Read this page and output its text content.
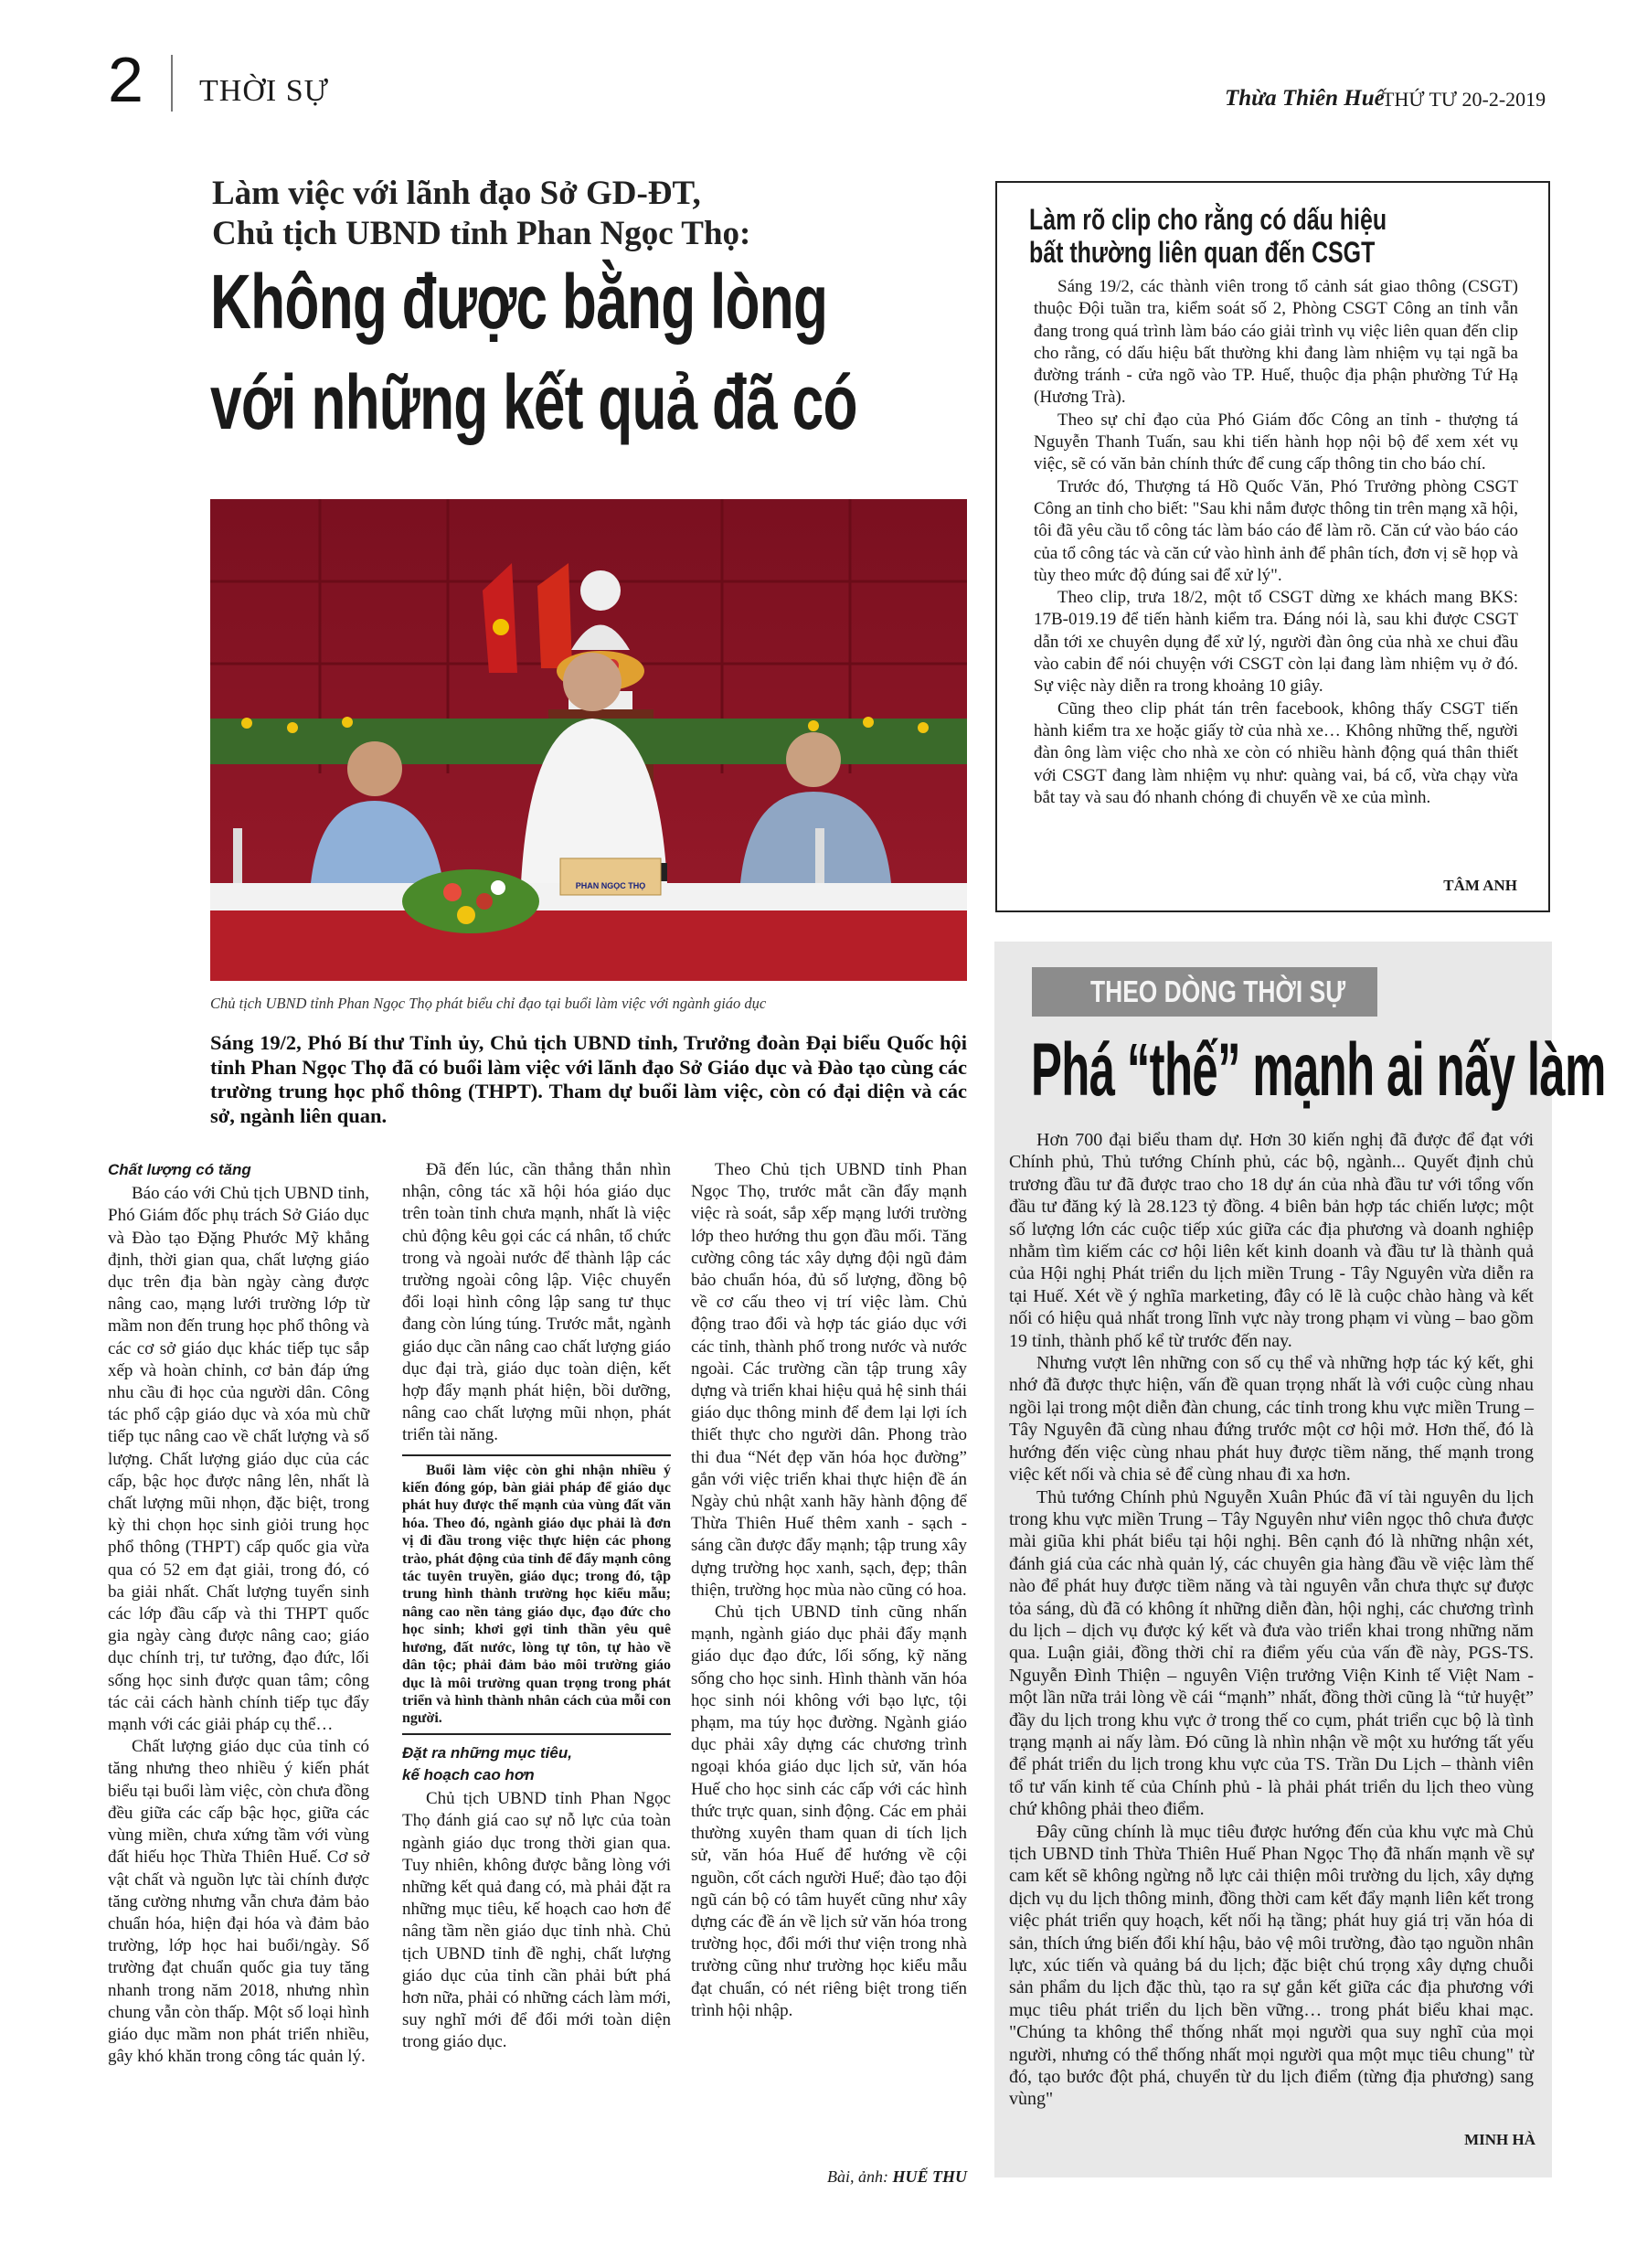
2 THỜI SỰ	Thừa Thiên Huế
THỨ TƯ 20-2-2019
Làm việc với lãnh đạo Sở GD-ĐT,
Chủ tịch UBND tỉnh Phan Ngọc Thọ:
Không được bằng lòng
với những kết quả đã có
PHAN NGỌC THỌ
Chủ tịch UBND tỉnh Phan Ngọc Thọ phát biểu chỉ đạo tại buổi làm việc với ngành giáo dục
Sáng 19/2, Phó Bí thư Tỉnh ủy, Chủ tịch UBND tỉnh, Trưởng đoàn Đại biểu Quốc hội tỉnh Phan Ngọc Thọ đã có buổi làm việc với lãnh đạo Sở Giáo dục và Đào tạo cùng các trường trung học phổ thông (THPT). Tham dự buổi làm việc, còn có đại diện và các sở, ngành liên quan.

Chất lượng có tăng

Báo cáo với Chủ tịch UBND tỉnh, Phó Giám đốc phụ trách Sở Giáo dục và Đào tạo Đặng Phước Mỹ khẳng định, thời gian qua, chất lượng giáo dục trên địa bàn ngày càng được nâng cao, mạng lưới trường lớp từ mầm non đến trung học phổ thông và các cơ sở giáo dục khác tiếp tục sắp xếp và hoàn chỉnh, cơ bản đáp ứng nhu cầu đi học của người dân. Công tác phổ cập giáo dục và xóa mù chữ tiếp tục nâng cao về chất lượng và số lượng. Chất lượng giáo dục của các cấp, bậc học được nâng lên, nhất là chất lượng mũi nhọn, đặc biệt, trong kỳ thi chọn học sinh giỏi trung học phổ thông (THPT) cấp quốc gia vừa qua có 52 em đạt giải, trong đó, có ba giải nhất. Chất lượng tuyển sinh các lớp đầu cấp và thi THPT quốc gia ngày càng được nâng cao; giáo dục chính trị, tư tưởng, đạo đức, lối sống học sinh được quan tâm; công tác cải cách hành chính tiếp tục đẩy mạnh với các giải pháp cụ thể…

Chất lượng giáo dục của tỉnh có tăng nhưng theo nhiều ý kiến phát biểu tại buổi làm việc, còn chưa đồng đều giữa các cấp bậc học, giữa các vùng miền, chưa xứng tầm với vùng đất hiếu học Thừa Thiên Huế. Cơ sở vật chất và nguồn lực tài chính được tăng cường nhưng vẫn chưa đảm bảo chuẩn hóa, hiện đại hóa và đảm bảo trường, lớp học hai buổi/ngày. Số trường đạt chuẩn quốc gia tuy tăng nhanh trong năm 2018, nhưng nhìn chung vẫn còn thấp. Một số loại hình giáo dục mầm non phát triển nhiều, gây khó khăn trong công tác quản lý.

Đã đến lúc, cần thẳng thắn nhìn nhận, công tác xã hội hóa giáo dục trên toàn tỉnh chưa mạnh, nhất là việc chủ động kêu gọi các cá nhân, tổ chức trong và ngoài nước để thành lập các trường ngoài công lập. Việc chuyển đổi loại hình công lập sang tư thục đang còn lúng túng. Trước mắt, ngành giáo dục cần nâng cao chất lượng giáo dục đại trà, giáo dục toàn diện, kết hợp đẩy mạnh phát hiện, bồi dưỡng, nâng cao chất lượng mũi nhọn, phát triển tài năng.

Buổi làm việc còn ghi nhận nhiều ý kiến đóng góp, bàn giải pháp để giáo dục phát huy được thế mạnh của vùng đất văn hóa. Theo đó, ngành giáo dục phải là đơn vị đi đầu trong việc thực hiện các phong trào, phát động của tỉnh để đẩy mạnh công tác tuyên truyền, giáo dục; trong đó, tập trung hình thành trường học kiểu mẫu; nâng cao nền tảng giáo dục, đạo đức cho học sinh; khơi gợi tinh thần yêu quê hương, đất nước, lòng tự tôn, tự hào về dân tộc; phải đảm bảo môi trường giáo dục là môi trường quan trọng trong phát triển và hình thành nhân cách của mỗi con người.

Đặt ra những mục tiêu,

kế hoạch cao hơn

Chủ tịch UBND tỉnh Phan Ngọc Thọ đánh giá cao sự nỗ lực của toàn ngành giáo dục trong thời gian qua. Tuy nhiên, không được bằng lòng với những kết quả đang có, mà phải đặt ra những mục tiêu, kế hoạch cao hơn để nâng tầm nền giáo dục tỉnh nhà. Chủ tịch UBND tỉnh đề nghị, chất lượng giáo dục của tỉnh cần phải bứt phá hơn nữa, phải có những cách làm mới, suy nghĩ mới để đổi mới toàn diện trong giáo dục.

Theo Chủ tịch UBND tỉnh Phan Ngọc Thọ, trước mắt cần đẩy mạnh việc rà soát, sắp xếp mạng lưới trường lớp theo hướng thu gọn đầu mối. Tăng cường công tác xây dựng đội ngũ đảm bảo chuẩn hóa, đủ số lượng, đồng bộ về cơ cấu theo vị trí việc làm. Chủ động trao đổi và hợp tác giáo dục với các tỉnh, thành phố trong nước và nước ngoài. Các trường cần tập trung xây dựng và triển khai hiệu quả hệ sinh thái giáo dục thông minh để đem lại lợi ích thiết thực cho người dân. Phong trào thi đua “Nét đẹp văn hóa học đường” gắn với việc triển khai thực hiện đề án Ngày chủ nhật xanh hãy hành động để Thừa Thiên Huế thêm xanh - sạch - sáng cần được đẩy mạnh; tập trung xây dựng trường học xanh, sạch, đẹp; thân thiện, trường học mùa nào cũng có hoa.

Chủ tịch UBND tỉnh cũng nhấn mạnh, ngành giáo dục phải đẩy mạnh giáo dục đạo đức, lối sống, kỹ năng sống cho học sinh. Hình thành văn hóa học sinh nói không với bạo lực, tội phạm, ma túy học đường. Ngành giáo dục phải xây dựng các chương trình ngoại khóa giáo dục lịch sử, văn hóa Huế cho học sinh các cấp với các hình thức trực quan, sinh động. Các em phải thường xuyên tham quan di tích lịch sử, văn hóa Huế để hướng về cội nguồn, cốt cách người Huế; đào tạo đội ngũ cán bộ có tâm huyết cũng như xây dựng các đề án về lịch sử văn hóa trong trường học, đổi mới thư viện trong nhà trường cũng như trường học kiểu mẫu đạt chuẩn, có nét riêng biệt trong tiến trình hội nhập.

Bài, ảnh: HUẾ THU
Làm rõ clip cho rằng có dấu hiệu
bất thường liên quan đến CSGT

Sáng 19/2, các thành viên trong tổ cảnh sát giao thông (CSGT) thuộc Đội tuần tra, kiểm soát số 2, Phòng CSGT Công an tỉnh vẫn đang trong quá trình làm báo cáo giải trình vụ việc liên quan đến clip cho rằng, có dấu hiệu bất thường khi đang làm nhiệm vụ tại ngã ba đường tránh - cửa ngõ vào TP. Huế, thuộc địa phận phường Tứ Hạ (Hương Trà).

Theo sự chỉ đạo của Phó Giám đốc Công an tỉnh - thượng tá Nguyễn Thanh Tuấn, sau khi tiến hành họp nội bộ để xem xét vụ việc, sẽ có văn bản chính thức để cung cấp thông tin cho báo chí.

Trước đó, Thượng tá Hồ Quốc Văn, Phó Trưởng phòng CSGT Công an tỉnh cho biết: "Sau khi nắm được thông tin trên mạng xã hội, tôi đã yêu cầu tổ công tác làm báo cáo để làm rõ. Căn cứ vào báo cáo của tổ công tác và căn cứ vào hình ảnh để phân tích, đơn vị sẽ họp và tùy theo mức độ đúng sai để xử lý".

Theo clip, trưa 18/2, một tổ CSGT dừng xe khách mang BKS: 17B-019.19 để tiến hành kiểm tra. Đáng nói là, sau khi được CSGT dẫn tới xe chuyên dụng để xử lý, người đàn ông của nhà xe chui đầu vào cabin để nói chuyện với CSGT còn lại đang làm nhiệm vụ ở đó. Sự việc này diễn ra trong khoảng 10 giây.

Cũng theo clip phát tán trên facebook, không thấy CSGT tiến hành kiểm tra xe hoặc giấy tờ của nhà xe… Không những thế, người đàn ông làm việc cho nhà xe còn có nhiều hành động quá thân thiết với CSGT đang làm nhiệm vụ như: quàng vai, bá cổ, vừa chạy vừa bắt tay và sau đó nhanh chóng đi chuyển về xe của mình.

TÂM ANH
THEO DÒNG THỜI SỰ
Phá “thế” mạnh ai nấy làm

Hơn 700 đại biểu tham dự. Hơn 30 kiến nghị đã được để đạt với Chính phủ, Thủ tướng Chính phủ, các bộ, ngành... Quyết định chủ trương đầu tư đã được trao cho 18 dự án của nhà đầu tư với tổng vốn đầu tư đăng ký là 28.123 tỷ đồng. 4 biên bản hợp tác chiến lược; một số lượng lớn các cuộc tiếp xúc giữa các địa phương và doanh nghiệp nhằm tìm kiếm các cơ hội liên kết kinh doanh và đầu tư là thành quả của Hội nghị Phát triển du lịch miền Trung - Tây Nguyên vừa diễn ra tại Huế. Xét về ý nghĩa marketing, đây có lẽ là cuộc chào hàng và kết nối có hiệu quả nhất trong lĩnh vực này trong phạm vi vùng – bao gồm 19 tỉnh, thành phố kể từ trước đến nay.

Nhưng vượt lên những con số cụ thể và những hợp tác ký kết, ghi nhớ đã được thực hiện, vấn đề quan trọng nhất là với cuộc cùng nhau ngồi lại trong một diễn đàn chung, các tỉnh trong khu vực miền Trung – Tây Nguyên đã cùng nhau đứng trước một cơ hội mở. Hơn thế, đó là hướng đến việc cùng nhau phát huy được tiềm năng, thế mạnh trong việc kết nối và chia sẻ để cùng nhau đi xa hơn.

Thủ tướng Chính phủ Nguyễn Xuân Phúc đã ví tài nguyên du lịch trong khu vực miền Trung – Tây Nguyên như viên ngọc thô chưa được mài giũa khi phát biểu tại hội nghị. Bên cạnh đó là những nhận xét, đánh giá của các nhà quản lý, các chuyên gia hàng đầu về việc làm thế nào để phát huy được tiềm năng và tài nguyên vẫn chưa thực sự được tỏa sáng, dù đã có không ít những diễn đàn, hội nghị, các chương trình du lịch – dịch vụ được ký kết và đưa vào triển khai trong những năm qua. Luận giải, đồng thời chỉ ra điểm yếu của vấn đề này, PGS-TS. Nguyễn Đình Thiện – nguyên Viện trưởng Viện Kinh tế Việt Nam - một lần nữa trải lòng về cái “mạnh” nhất, đồng thời cũng là “tử huyệt” đầy du lịch trong khu vực ở trong thế co cụm, phát triển cục bộ là tình trạng mạnh ai nấy làm. Đó cũng là nhìn nhận về một xu hướng tất yếu để phát triển du lịch trong khu vực của TS. Trần Du Lịch – thành viên tổ tư vấn kinh tế của Chính phủ - là phải phát triển du lịch theo vùng chứ không phải theo điểm.

Đây cũng chính là mục tiêu được hướng đến của khu vực mà Chủ tịch UBND tỉnh Thừa Thiên Huế Phan Ngọc Thọ đã nhấn mạnh về sự cam kết sẽ không ngừng nỗ lực cải thiện môi trường du lịch, xây dựng dịch vụ du lịch thông minh, đồng thời cam kết đẩy mạnh liên kết trong việc phát triển quy hoạch, kết nối hạ tầng; phát huy giá trị văn hóa di sản, thích ứng biến đổi khí hậu, bảo vệ môi trường, đào tạo nguồn nhân lực, xúc tiến và quảng bá du lịch; đặc biệt chú trọng xây dựng chuỗi sản phẩm du lịch đặc thù, tạo ra sự gắn kết giữa các địa phương với mục tiêu phát triển du lịch bền vững… trong phát biểu khai mạc. "Chúng ta không thể thống nhất mọi người qua suy nghĩ của mọi người, nhưng có thể thống nhất mọi người qua một mục tiêu chung" từ đó, tạo bước đột phá, chuyển từ du lịch điểm (từng địa phương) sang vùng"

MINH HÀ
